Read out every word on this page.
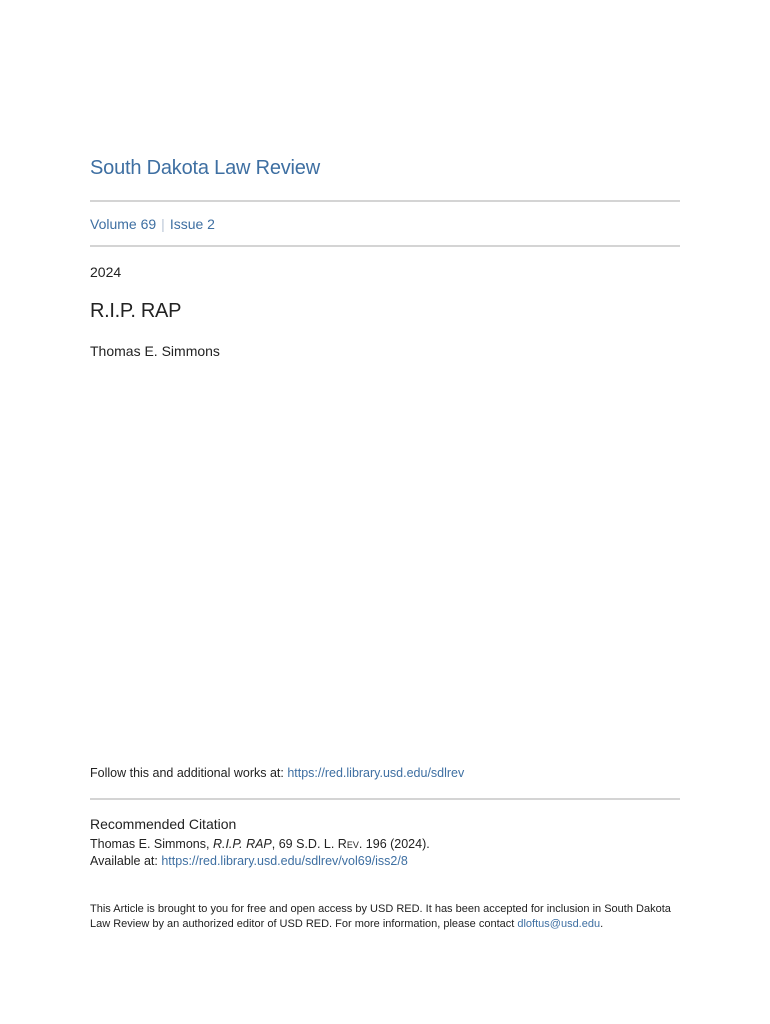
South Dakota Law Review
Volume 69 | Issue 2
2024
R.I.P. RAP
Thomas E. Simmons
Follow this and additional works at: https://red.library.usd.edu/sdlrev
Recommended Citation
Thomas E. Simmons, R.I.P. RAP, 69 S.D. L. Rev. 196 (2024).
Available at: https://red.library.usd.edu/sdlrev/vol69/iss2/8
This Article is brought to you for free and open access by USD RED. It has been accepted for inclusion in South Dakota Law Review by an authorized editor of USD RED. For more information, please contact dloftus@usd.edu.
